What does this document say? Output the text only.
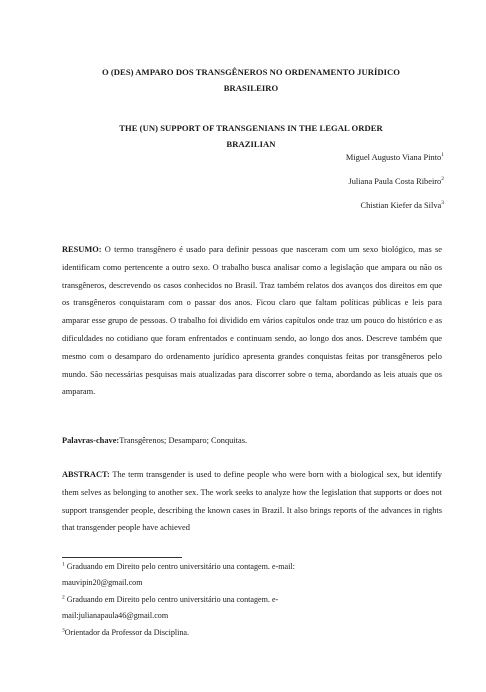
O (DES) AMPARO DOS TRANSGÊNEROS NO ORDENAMENTO JURÍDICO
BRASILEIRO
THE (UN) SUPPORT OF TRANSGENIANS IN THE LEGAL ORDER
BRAZILIAN
Miguel Augusto Viana Pinto$^1$
Juliana Paula Costa Ribeiro$^2$
Chistian Kiefer da Silva$^3$
RESUMO: O termo transgênero é usado para definir pessoas que nasceram com um sexo biológico, mas se identificam como pertencente a outro sexo. O trabalho busca analisar como a legislação que ampara ou não os transgêneros, descrevendo os casos conhecidos no Brasil. Traz também relatos dos avanços dos direitos em que os transgêneros conquistaram com o passar dos anos. Ficou claro que faltam políticas públicas e leis para amparar esse grupo de pessoas. O trabalho foi dividido em vários capítulos onde traz um pouco do histórico e as dificuldades no cotidiano que foram enfrentados e continuam sendo, ao longo dos anos. Descreve também que mesmo com o desamparo do ordenamento jurídico apresenta grandes conquistas feitas por transgêneros pelo mundo. São necessárias pesquisas mais atualizadas para discorrer sobre o tema, abordando as leis atuais que os amparam.
Palavras-chave:Transgêrenos; Desamparo; Conquitas.
ABSTRACT: The term transgender is used to define people who were born with a biological sex, but identify them selves as belonging to another sex. The work seeks to analyze how the legislation that supports or does not support transgender people, describing the known cases in Brazil. It also brings reports of the advances in rights that transgender people have achieved
$^1$ Graduando em Direito pelo centro universitário una contagem. e-mail:
mauvipin20@gmail.com
$^2$ Graduando em Direito pelo centro universitário una contagem. e-
mail:julianapaula46@gmail.com
$^3$Orientador da Professor da Disciplina.
